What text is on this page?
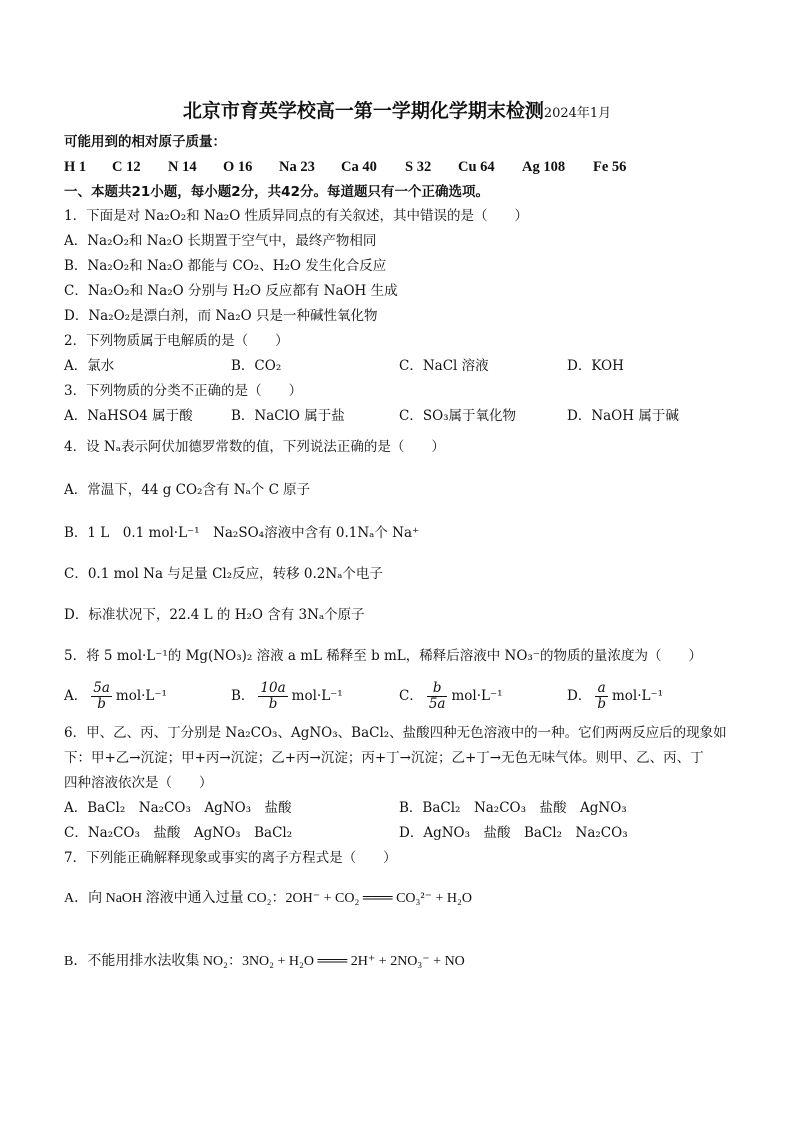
北京市育英学校高一第一学期化学期末检测2024年1月
可能用到的相对原子质量：
H 1 C 12 N 14 O 16 Na 23 Ca 40 S 32 Cu 64 Ag 108 Fe 56
一、本题共21小题，每小题2分，共42分。每道题只有一个正确选项。
1．下面是对 Na₂O₂和 Na₂O 性质异同点的有关叙述，其中错误的是（　　）
A．Na₂O₂和 Na₂O 长期置于空气中，最终产物相同
B．Na₂O₂和 Na₂O 都能与 CO₂、H₂O 发生化合反应
C．Na₂O₂和 Na₂O 分别与 H₂O 反应都有 NaOH 生成
D．Na₂O₂是漂白剂，而 Na₂O 只是一种碱性氧化物
2．下列物质属于电解质的是（　　）
A．氯水	B．CO₂	C．NaCl 溶液	D．KOH
3．下列物质的分类不正确的是（　　）
A．NaHSO4 属于酸	B．NaClO 属于盐	C．SO₃属于氧化物	D．NaOH 属于碱
4．设 Nₐ表示阿伏加德罗常数的值，下列说法正确的是（　　）
A．常温下，44 g CO₂含有 Nₐ个 C 原子
B．1 L　0.1 mol·L⁻¹　Na₂SO₄溶液中含有 0.1Nₐ个 Na⁺
C．0.1 mol Na 与足量 Cl₂反应，转移 0.2Nₐ个电子
D．标准状况下，22.4 L 的 H₂O 含有 3Nₐ个原子
5．将 5 mol·L⁻¹的 Mg(NO₃)₂ 溶液 a mL 稀释至 b mL，稀释后溶液中 NO₃⁻的物质的量浓度为（　　）
A． $\frac{5a}{b} mol\cdot L^{-1}$	B． $\frac{10a}{b} mol\cdot L^{-1}$	C． $\frac{b}{5a} mol\cdot L^{-1}$	D． $\frac{a}{b} mol\cdot L^{-1}$
6．甲、乙、丙、丁分别是 Na₂CO₃、AgNO₃、BaCl₂、盐酸四种无色溶液中的一种。它们两两反应后的现象如
下：甲+乙→沉淀；甲+丙→沉淀；乙+丙→沉淀；丙+丁→沉淀；乙+丁→无色无味气体。则甲、乙、丙、丁
四种溶液依次是（　　）
A．BaCl₂　Na₂CO₃　AgNO₃　盐酸	B．BaCl₂　Na₂CO₃　盐酸　AgNO₃
C．Na₂CO₃　盐酸　AgNO₃　BaCl₂	D．AgNO₃　盐酸　BaCl₂　Na₂CO₃
7．下列能正确解释现象或事实的离子方程式是（　　）
A．向 NaOH 溶液中通入过量 CO₂：2OH⁻ + CO₂ ═══ CO₃²⁻ + H₂O
B．不能用排水法收集 NO₂：3NO₂ + H₂O ═══ 2H⁺ + 2NO₃⁻ + NO
